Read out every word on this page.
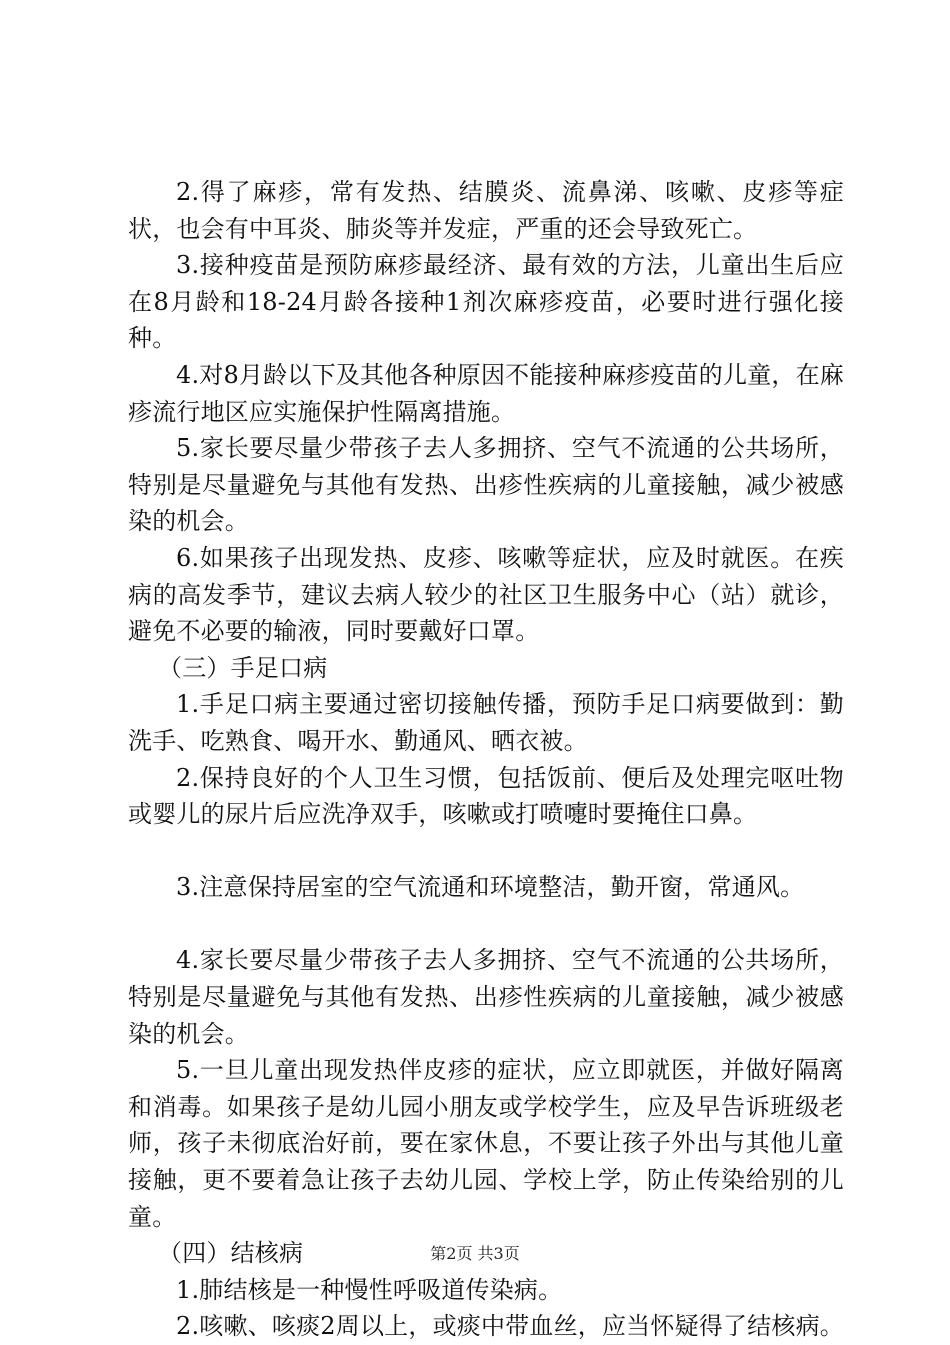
2.得了麻疹，常有发热、结膜炎、流鼻涕、咳嗽、皮疹等症状，也会有中耳炎、肺炎等并发症，严重的还会导致死亡。

3.接种疫苗是预防麻疹最经济、最有效的方法，儿童出生后应在8月龄和18-24月龄各接种1剂次麻疹疫苗，必要时进行强化接种。

4.对8月龄以下及其他各种原因不能接种麻疹疫苗的儿童，在麻疹流行地区应实施保护性隔离措施。

5.家长要尽量少带孩子去人多拥挤、空气不流通的公共场所，特别是尽量避免与其他有发热、出疹性疾病的儿童接触，减少被感染的机会。

6.如果孩子出现发热、皮疹、咳嗽等症状，应及时就医。在疾病的高发季节，建议去病人较少的社区卫生服务中心（站）就诊，避免不必要的输液，同时要戴好口罩。

（三）手足口病

1.手足口病主要通过密切接触传播，预防手足口病要做到：勤洗手、吃熟食、喝开水、勤通风、晒衣被。

2.保持良好的个人卫生习惯，包括饭前、便后及处理完呕吐物或婴儿的尿片后应洗净双手，咳嗽或打喷嚏时要掩住口鼻。

3.注意保持居室的空气流通和环境整洁，勤开窗，常通风。

4.家长要尽量少带孩子去人多拥挤、空气不流通的公共场所，特别是尽量避免与其他有发热、出疹性疾病的儿童接触，减少被感染的机会。

5.一旦儿童出现发热伴皮疹的症状，应立即就医，并做好隔离和消毒。如果孩子是幼儿园小朋友或学校学生，应及早告诉班级老师，孩子未彻底治好前，要在家休息，不要让孩子外出与其他儿童接触，更不要着急让孩子去幼儿园、学校上学，防止传染给别的儿童。

（四）结核病

1.肺结核是一种慢性呼吸道传染病。

2.咳嗽、咳痰2周以上，或痰中带血丝，应当怀疑得了结核病。

第2页 共3页
